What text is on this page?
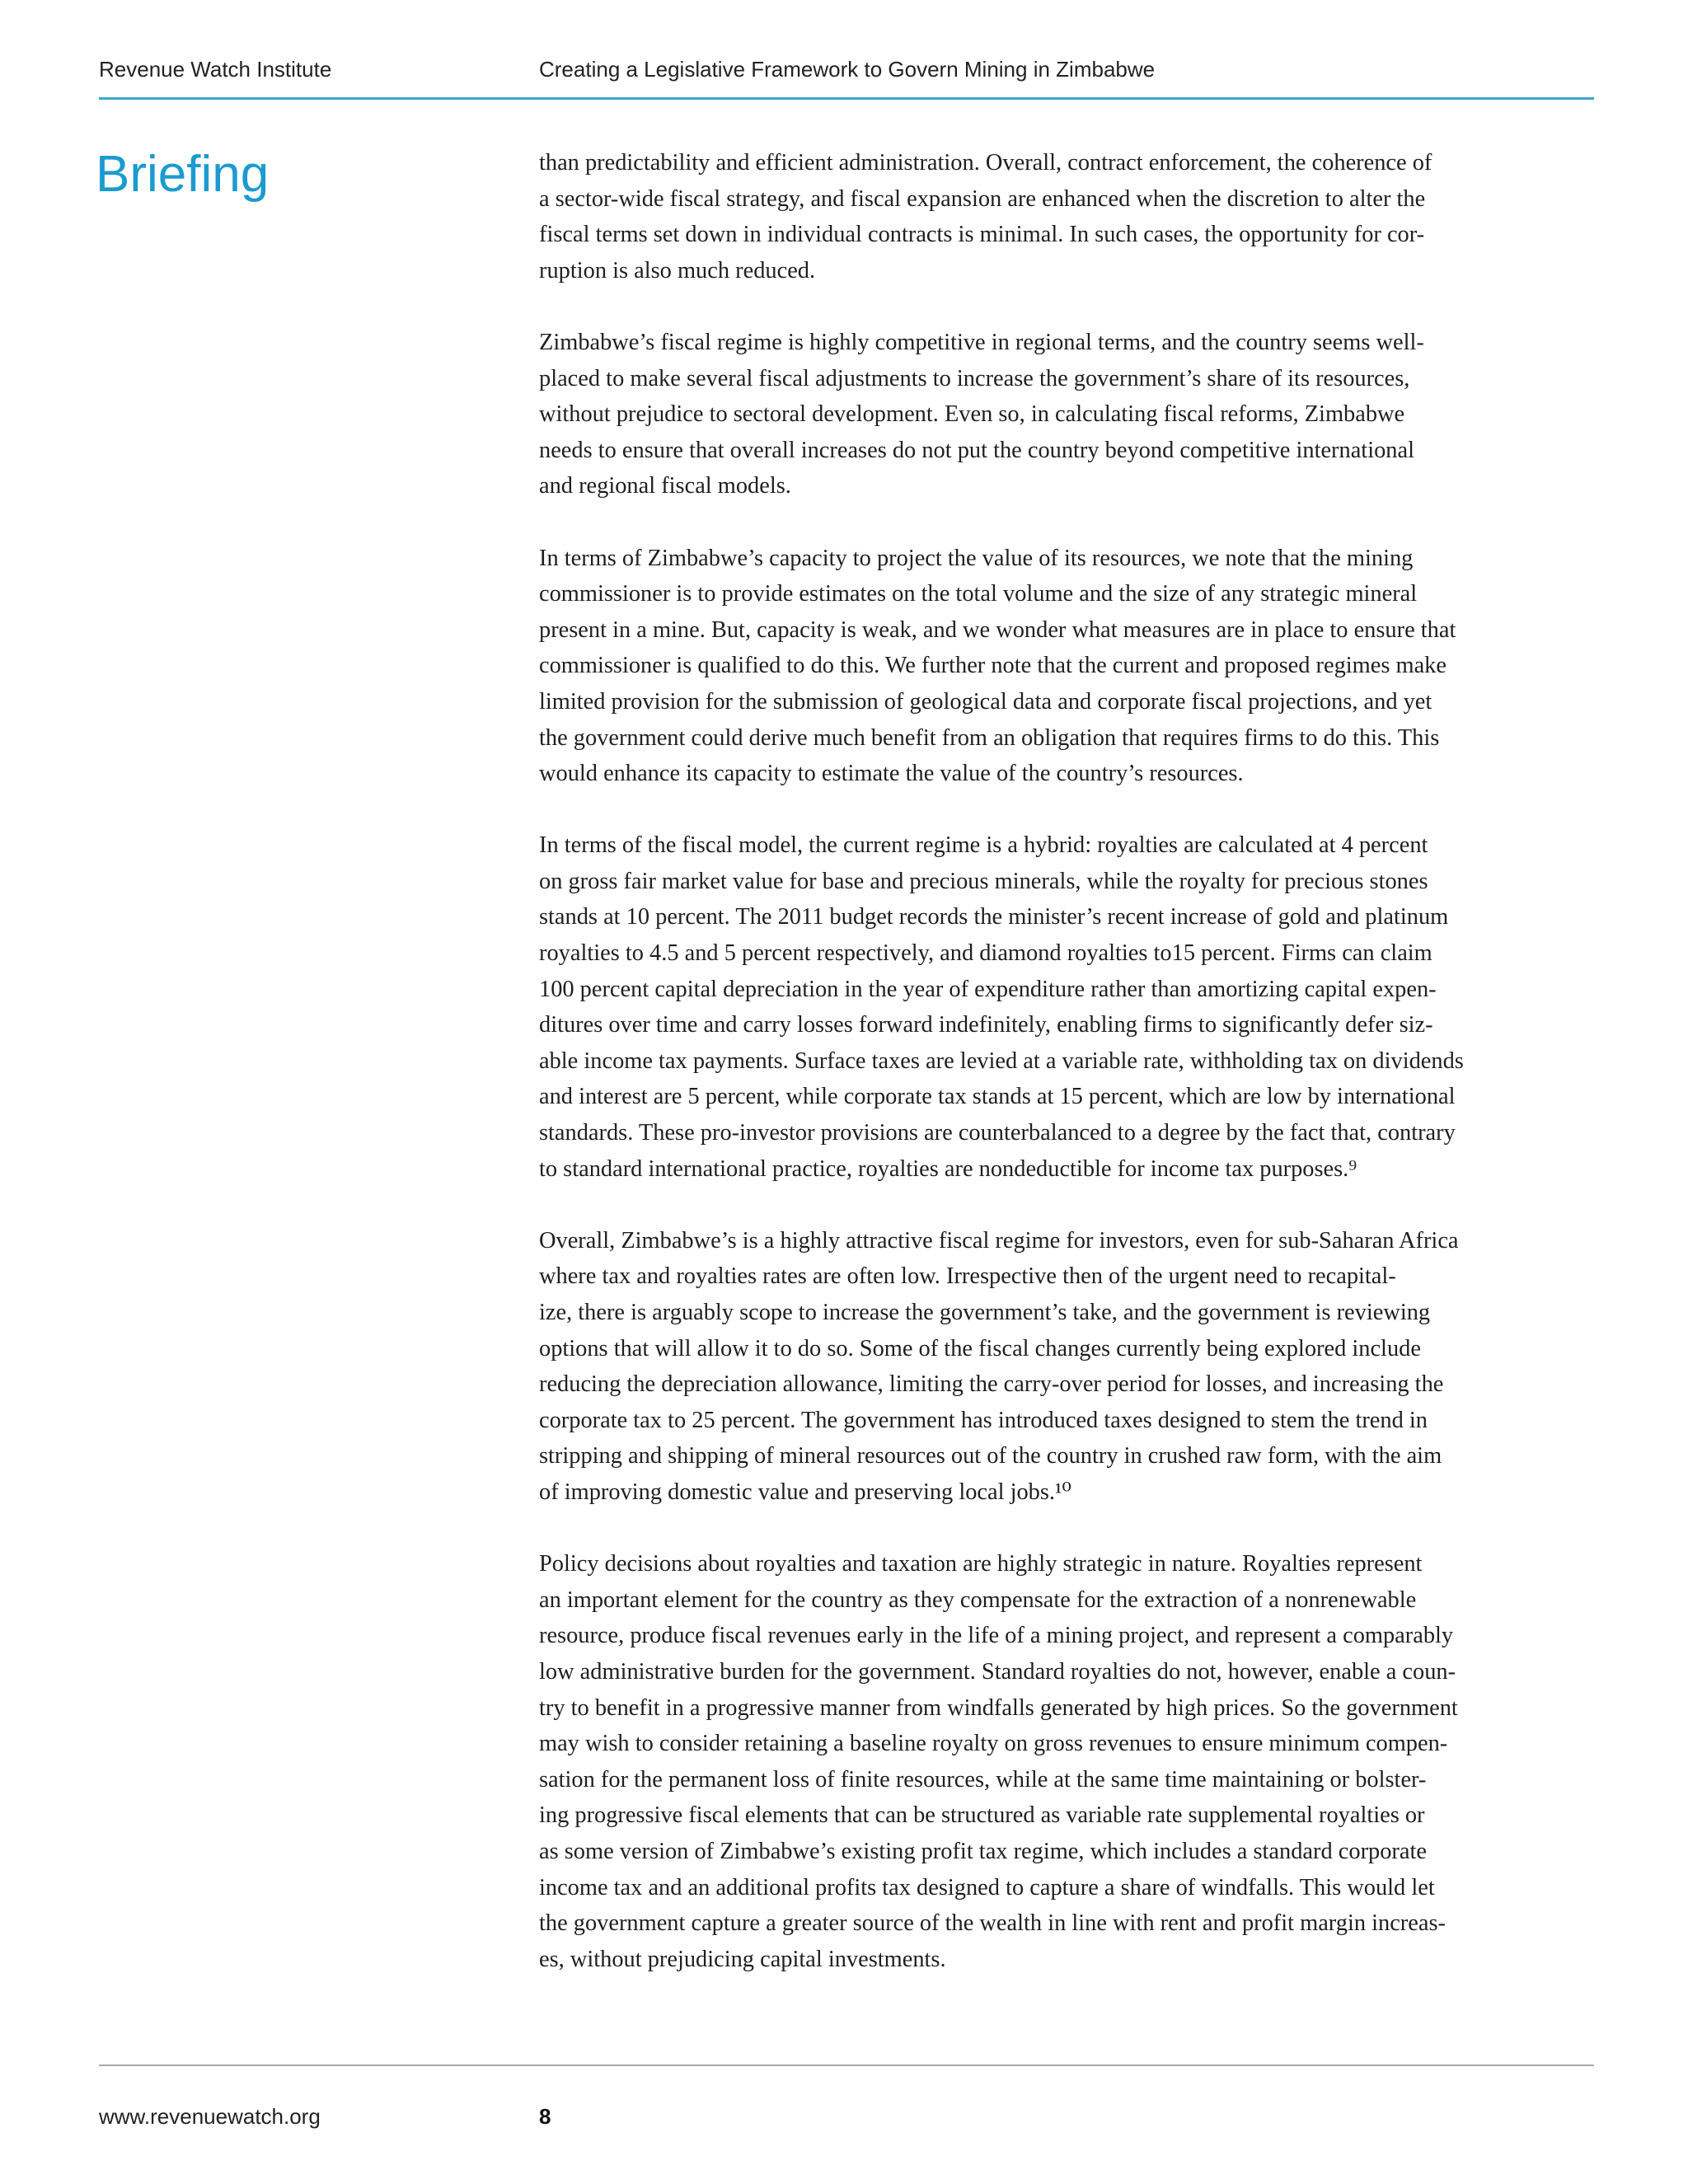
Revenue Watch Institute	Creating a Legislative Framework to Govern Mining in Zimbabwe
Briefing	than predictability and efficient administration. Overall, contract enforcement, the coherence of
a sector-wide fiscal strategy, and fiscal expansion are enhanced when the discretion to alter the
fiscal terms set down in individual contracts is minimal. In such cases, the opportunity for cor-
ruption is also much reduced.

Zimbabwe’s fiscal regime is highly competitive in regional terms, and the country seems well-
placed to make several fiscal adjustments to increase the government’s share of its resources,
without prejudice to sectoral development. Even so, in calculating fiscal reforms, Zimbabwe
needs to ensure that overall increases do not put the country beyond competitive international
and regional fiscal models.

In terms of Zimbabwe’s capacity to project the value of its resources, we note that the mining
commissioner is to provide estimates on the total volume and the size of any strategic mineral
present in a mine. But, capacity is weak, and we wonder what measures are in place to ensure that
commissioner is qualified to do this. We further note that the current and proposed regimes make
limited provision for the submission of geological data and corporate fiscal projections, and yet
the government could derive much benefit from an obligation that requires firms to do this. This
would enhance its capacity to estimate the value of the country’s resources.

In terms of the fiscal model, the current regime is a hybrid: royalties are calculated at 4 percent
on gross fair market value for base and precious minerals, while the royalty for precious stones
stands at 10 percent. The 2011 budget records the minister’s recent increase of gold and platinum
royalties to 4.5 and 5 percent respectively, and diamond royalties to15 percent. Firms can claim
100 percent capital depreciation in the year of expenditure rather than amortizing capital expen-
ditures over time and carry losses forward indefinitely, enabling firms to significantly defer siz-
able income tax payments. Surface taxes are levied at a variable rate, withholding tax on dividends
and interest are 5 percent, while corporate tax stands at 15 percent, which are low by international
standards. These pro-investor provisions are counterbalanced to a degree by the fact that, contrary
to standard international practice, royalties are nondeductible for income tax purposes.⁹

Overall, Zimbabwe’s is a highly attractive fiscal regime for investors, even for sub-Saharan Africa
where tax and royalties rates are often low. Irrespective then of the urgent need to recapital-
ize, there is arguably scope to increase the government’s take, and the government is reviewing
options that will allow it to do so. Some of the fiscal changes currently being explored include
reducing the depreciation allowance, limiting the carry-over period for losses, and increasing the
corporate tax to 25 percent. The government has introduced taxes designed to stem the trend in
stripping and shipping of mineral resources out of the country in crushed raw form, with the aim
of improving domestic value and preserving local jobs.¹⁰

Policy decisions about royalties and taxation are highly strategic in nature. Royalties represent
an important element for the country as they compensate for the extraction of a nonrenewable
resource, produce fiscal revenues early in the life of a mining project, and represent a comparably
low administrative burden for the government. Standard royalties do not, however, enable a coun-
try to benefit in a progressive manner from windfalls generated by high prices. So the government
may wish to consider retaining a baseline royalty on gross revenues to ensure minimum compen-
sation for the permanent loss of finite resources, while at the same time maintaining or bolster-
ing progressive fiscal elements that can be structured as variable rate supplemental royalties or
as some version of Zimbabwe’s existing profit tax regime, which includes a standard corporate
income tax and an additional profits tax designed to capture a share of windfalls. This would let
the government capture a greater source of the wealth in line with rent and profit margin increas-
es, without prejudicing capital investments.

www.revenuewatch.org	8
